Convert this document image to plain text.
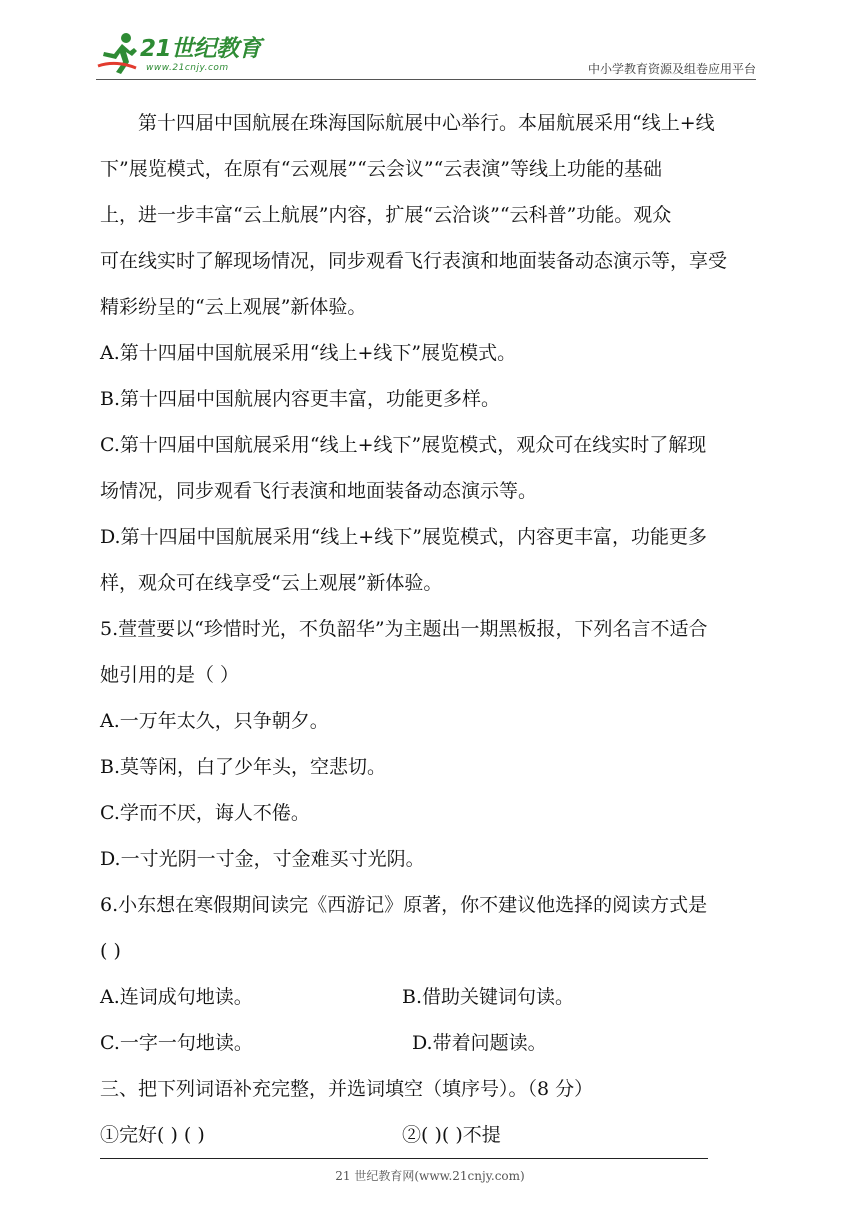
21世纪教育
www.21cnjy.com	中小学教育资源及组卷应用平台

第十四届中国航展在珠海国际航展中心举行。本届航展采用“线上+线

下”展览模式，在原有“云观展”“云会议”“云表演”等线上功能的基础

上，进一步丰富“云上航展”内容，扩展“云洽谈”“云科普”功能。观众

可在线实时了解现场情况，同步观看飞行表演和地面装备动态演示等，享受

精彩纷呈的“云上观展”新体验。

A.第十四届中国航展采用“线上+线下”展览模式。

B.第十四届中国航展内容更丰富，功能更多样。

C.第十四届中国航展采用“线上+线下”展览模式，观众可在线实时了解现

场情况，同步观看飞行表演和地面装备动态演示等。

D.第十四届中国航展采用“线上+线下”展览模式，内容更丰富，功能更多

样，观众可在线享受“云上观展”新体验。

5.萱萱要以“珍惜时光，不负韶华”为主题出一期黑板报，下列名言不适合

她引用的是（ ）

A.一万年太久，只争朝夕。

B.莫等闲，白了少年头，空悲切。

C.学而不厌，诲人不倦。

D.一寸光阴一寸金，寸金难买寸光阴。

6.小东想在寒假期间读完《西游记》原著，你不建议他选择的阅读方式是

( )

A.连词成句地读。	B.借助关键词句读。
C.一字一句地读。	D.带着问题读。

三、把下列词语补充完整，并选词填空（填序号）。（8 分）

①完好( ) ( )	②( )( )不提
21 世纪教育网(www.21cnjy.com)
